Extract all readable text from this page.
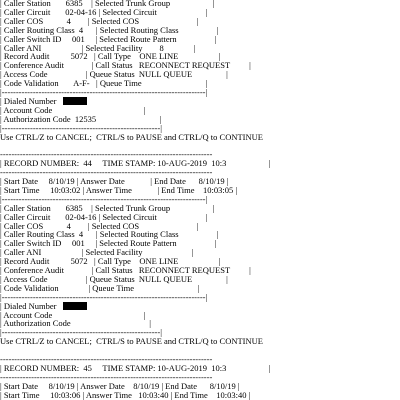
| Caller Station       6385    | Selected Trunk Group                    |
| Caller Circuit       02-04-16 | Selected Circuit                       |
| Caller COS           4        | Selected COS                           |
| Caller Routing Class  4      | Selected Routing Class                  |
| Caller Switch ID     001     | Selected Route Pattern                  |
| Caller ANI                   | Selected Facility        8              |
| Record Audit          5072   | Call Type    ONE LINE                   |
| Conference Audit             | Call Status   RECONNECT REQUEST         |
| Access Code                  | Queue Status  NULL QUEUE                |
| Code Validation       A-F-   | Queue Time                              |
|------------------------------------------------------------------------|
| Dialed Number
| Account Code                                           |
| Authorization Code  12535                              |
|--------------------------------------------------------|
Use CTRL/Z to CANCEL;  CTRL/S to PAUSE and CTRL/Q to CONTINUE
---------------------------------------------------------------------------
| RECORD NUMBER:  44     TIME STAMP: 10-AUG-2019  10:3                    |
---------------------------------------------------------------------------
| Start Date     8/10/19 | Answer Date            | End Date      8/10/19 |
| Start Time     10:03:02 | Answer Time            | End Time    10:03:05 |
|------------------------------------------------------------------------|
| Caller Station       6385    | Selected Trunk Group                    |
| Caller Circuit       02-04-16 | Selected Circuit                       |
| Caller COS           4        | Selected COS                           |
| Caller Routing Class  4      | Selected Routing Class                  |
| Caller Switch ID     001     | Selected Route Pattern                  |
| Caller ANI                   | Selected Facility                       |
| Record Audit          5072   | Call Type    ONE LINE                   |
| Conference Audit             | Call Status   RECONNECT REQUEST         |
| Access Code                  | Queue Status  NULL QUEUE                |
| Code Validation              | Queue Time                              |
|------------------------------------------------------------------------|
| Dialed Number
| Account Code                                           |
| Authorization Code                                     |
|--------------------------------------------------------|
Use CTRL/Z to CANCEL;  CTRL/S to PAUSE and CTRL/Q to CONTINUE
---------------------------------------------------------------------------
| RECORD NUMBER:  45     TIME STAMP: 10-AUG-2019  10:3                    |
---------------------------------------------------------------------------
| Start Date     8/10/19 | Answer Date    8/10/19 | End Date      8/10/19 |
| Start Time     10:03:06 | Answer Time   10:03:40 | End Time    10:03:40 |
